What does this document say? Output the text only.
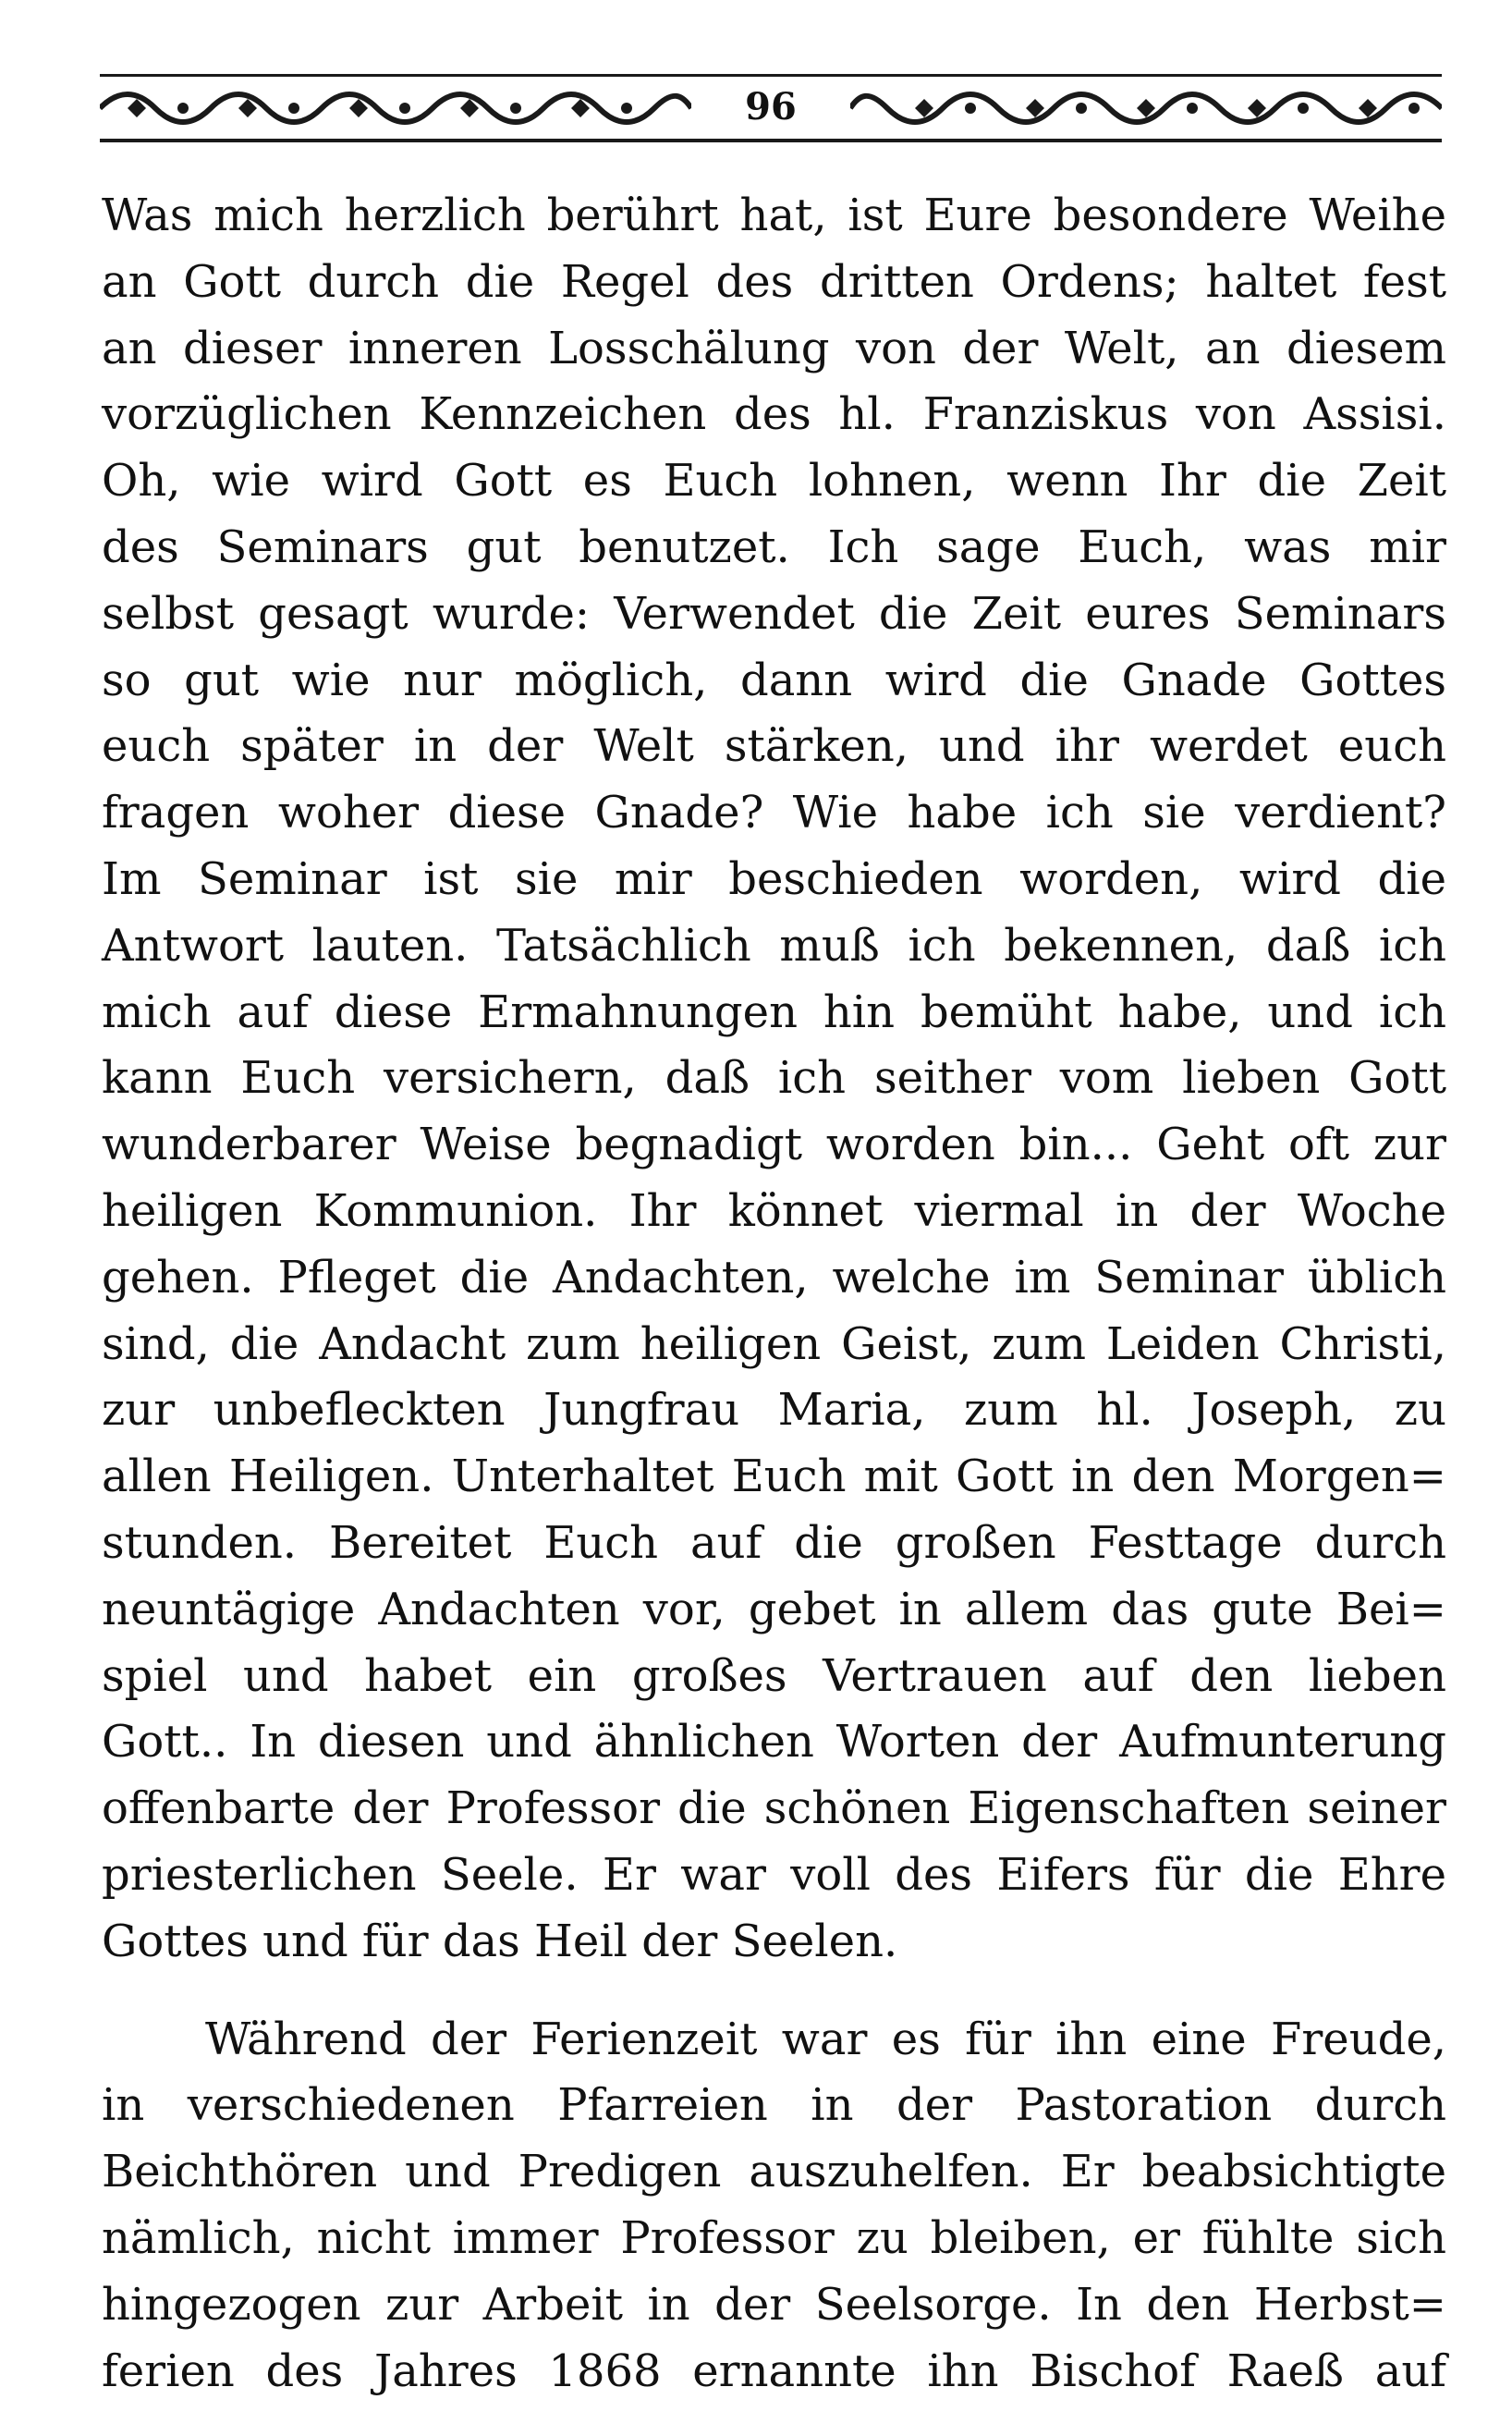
96
Was mich herzlich berührt hat, ist Eure besondere Weihe
an Gott durch die Regel des dritten Ordens; haltet fest
an dieser inneren Losschälung von der Welt, an diesem
vorzüglichen Kennzeichen des hl. Franziskus von Assisi.
Oh, wie wird Gott es Euch lohnen, wenn Ihr die Zeit
des Seminars gut benutzet. Ich sage Euch, was mir
selbst gesagt wurde: Verwendet die Zeit eures Seminars
so gut wie nur möglich, dann wird die Gnade Gottes
euch später in der Welt stärken, und ihr werdet euch
fragen woher diese Gnade? Wie habe ich sie verdient?
Im Seminar ist sie mir beschieden worden, wird die
Antwort lauten. Tatsächlich muß ich bekennen, daß ich
mich auf diese Ermahnungen hin bemüht habe, und ich
kann Euch versichern, daß ich seither vom lieben Gott
wunderbarer Weise begnadigt worden bin... Geht oft zur
heiligen Kommunion. Ihr könnet viermal in der Woche
gehen. Pfleget die Andachten, welche im Seminar üblich
sind, die Andacht zum heiligen Geist, zum Leiden Christi,
zur unbefleckten Jungfrau Maria, zum hl. Joseph, zu
allen Heiligen. Unterhaltet Euch mit Gott in den Morgen=
stunden. Bereitet Euch auf die großen Festtage durch
neuntägige Andachten vor, gebet in allem das gute Bei=
spiel und habet ein großes Vertrauen auf den lieben
Gott.. In diesen und ähnlichen Worten der Aufmunterung
offenbarte der Professor die schönen Eigenschaften seiner
priesterlichen Seele. Er war voll des Eifers für die Ehre
Gottes und für das Heil der Seelen.
Während der Ferienzeit war es für ihn eine Freude,
in verschiedenen Pfarreien in der Pastoration durch
Beichthören und Predigen auszuhelfen. Er beabsichtigte
nämlich, nicht immer Professor zu bleiben, er fühlte sich
hingezogen zur Arbeit in der Seelsorge. In den Herbst=
ferien des Jahres 1868 ernannte ihn Bischof Raeß auf
